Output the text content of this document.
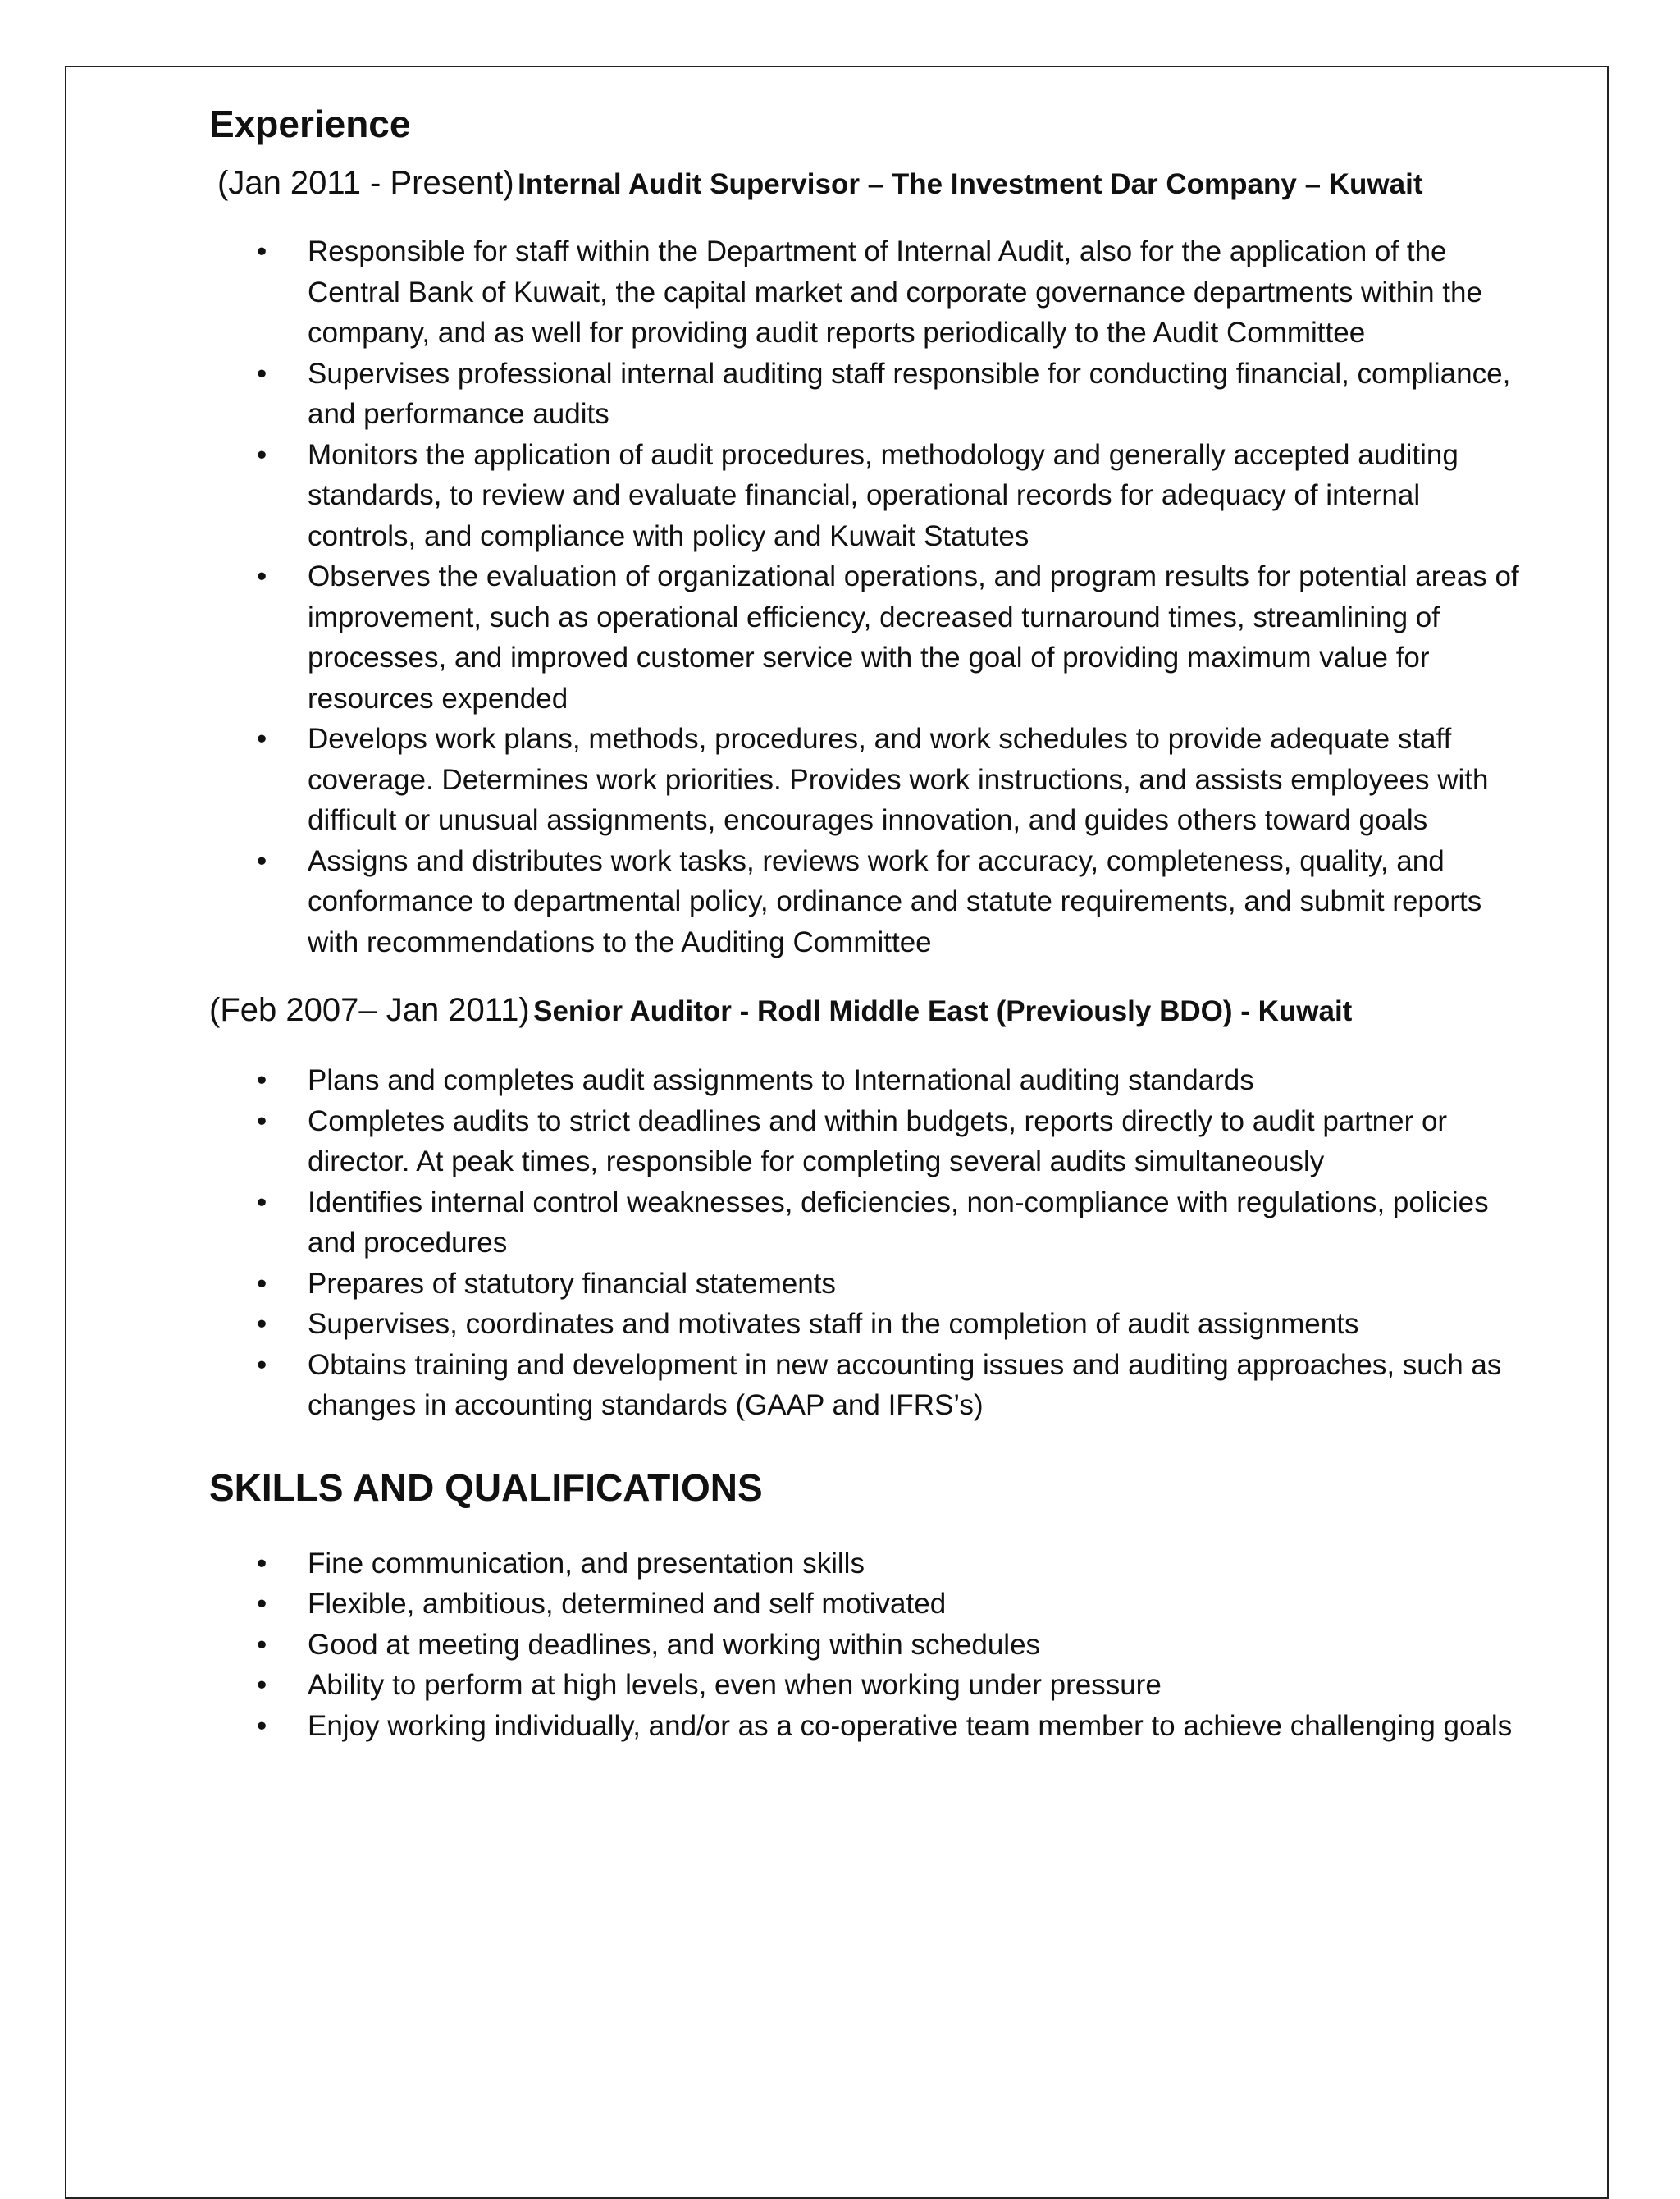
Experience

(Jan 2011 - Present) Internal Audit Supervisor – The Investment Dar Company – Kuwait

• Responsible for staff within the Department of Internal Audit, also for the application of the Central Bank of Kuwait, the capital market and corporate governance departments within the company, and as well for providing audit reports periodically to the Audit Committee
• Supervises professional internal auditing staff responsible for conducting financial, compliance, and performance audits
• Monitors the application of audit procedures, methodology and generally accepted auditing standards, to review and evaluate financial, operational records for adequacy of internal controls, and compliance with policy and Kuwait Statutes
• Observes the evaluation of organizational operations, and program results for potential areas of improvement, such as operational efficiency, decreased turnaround times, streamlining of processes, and improved customer service with the goal of providing maximum value for resources expended
• Develops work plans, methods, procedures, and work schedules to provide adequate staff coverage. Determines work priorities. Provides work instructions, and assists employees with difficult or unusual assignments, encourages innovation, and guides others toward goals
• Assigns and distributes work tasks, reviews work for accuracy, completeness, quality, and conformance to departmental policy, ordinance and statute requirements, and submit reports with recommendations to the Auditing Committee

(Feb 2007– Jan 2011) Senior Auditor - Rodl Middle East (Previously BDO) - Kuwait

• Plans and completes audit assignments to International auditing standards
• Completes audits to strict deadlines and within budgets, reports directly to audit partner or director. At peak times, responsible for completing several audits simultaneously
• Identifies internal control weaknesses, deficiencies, non-compliance with regulations, policies and procedures
• Prepares of statutory financial statements
• Supervises, coordinates and motivates staff in the completion of audit assignments
• Obtains training and development in new accounting issues and auditing approaches, such as changes in accounting standards (GAAP and IFRS’s)
SKILLS AND QUALIFICATIONS
• Fine communication, and presentation skills
• Flexible, ambitious, determined and self motivated
• Good at meeting deadlines, and working within schedules
• Ability to perform at high levels, even when working under pressure
• Enjoy working individually, and/or as a co-operative team member to achieve challenging goals
